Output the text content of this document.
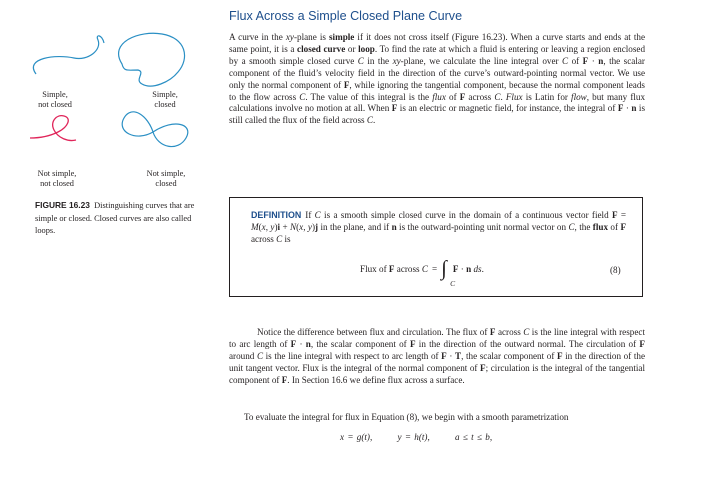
Simple,
not closed
Simple,
closed
Not simple,
not closed
Not simple,
closed
FIGURE 16.23 Distinguishing curves that are simple or closed. Closed curves are also called loops.
Flux Across a Simple Closed Plane Curve

A curve in the xy-plane is simple if it does not cross itself (Figure 16.23). When a curve starts and ends at the same point, it is a closed curve or loop. To find the rate at which a fluid is entering or leaving a region enclosed by a smooth simple closed curve C in the xy-plane, we calculate the line integral over C of F · n, the scalar component of the fluid’s velocity field in the direction of the curve’s outward-pointing normal vector. We use only the normal component of F, while ignoring the tangential component, because the normal component leads to the flow across C. The value of this integral is the flux of F across C. Flux is Latin for flow, but many flux calculations involve no motion at all. When F is an electric or magnetic field, for instance, the integral of F · n is still called the flux of the field across C.

DEFINITION If C is a smooth simple closed curve in the domain of a continuous vector field F = M(x, y)i + N(x, y)j in the plane, and if n is the outward-pointing unit normal vector on C, the flux of F across C is

Flux of F across C = ∫
C
F · n ds.	(8)

Notice the difference between flux and circulation. The flux of F across C is the line integral with respect to arc length of F · n, the scalar component of F in the direction of the outward normal. The circulation of F around C is the line integral with respect to arc length of F · T, the scalar component of F in the direction of the unit tangent vector. Flux is the integral of the normal component of F; circulation is the integral of the tangential component of F. In Section 16.6 we define flux across a surface.

To evaluate the integral for flux in Equation (8), we begin with a smooth parametrization

x = g(t),	y = h(t),	a ≤ t ≤ b,
